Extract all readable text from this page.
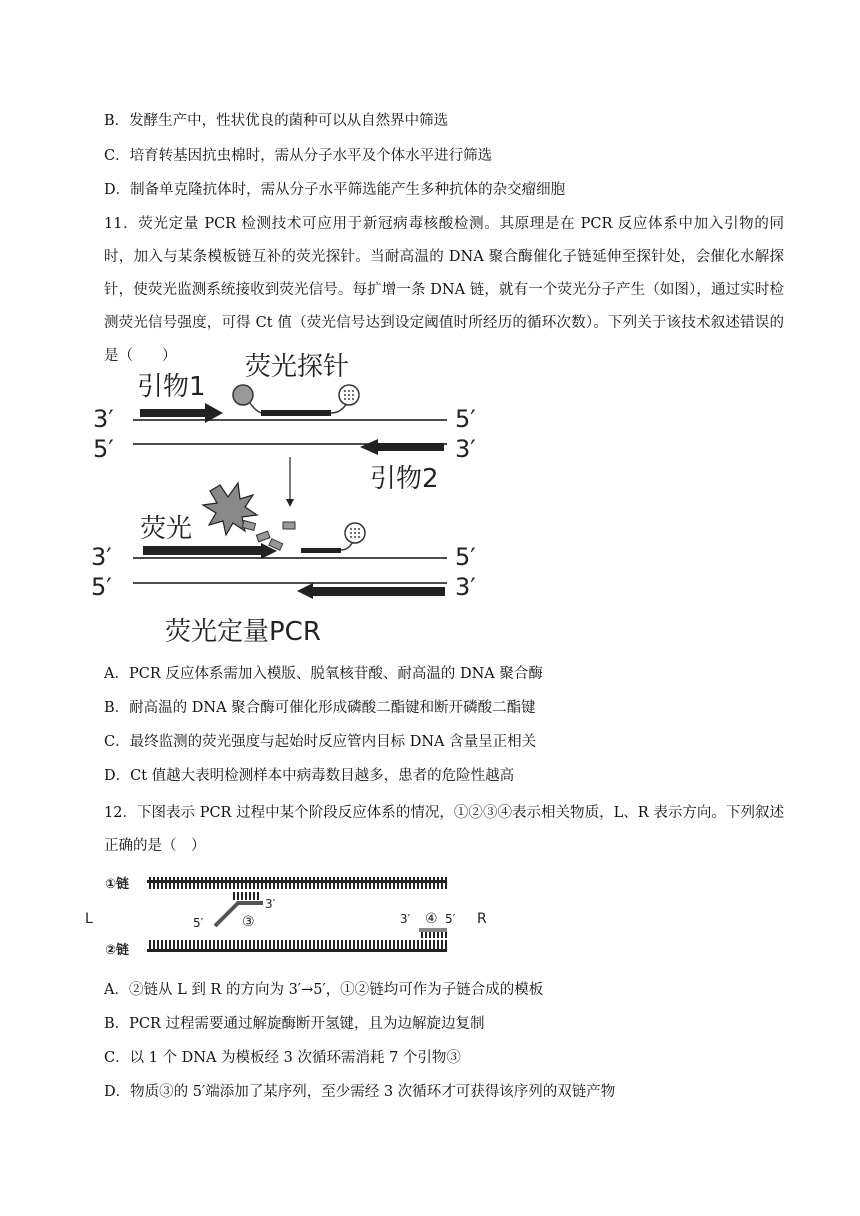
B．发酵生产中，性状优良的菌种可以从自然界中筛选
C．培育转基因抗虫棉时，需从分子水平及个体水平进行筛选
D．制备单克隆抗体时，需从分子水平筛选能产生多种抗体的杂交瘤细胞
11．荧光定量 PCR 检测技术可应用于新冠病毒核酸检测。其原理是在 PCR 反应体系中加入引物的同时，加入与某条模板链互补的荧光探针。当耐高温的 DNA 聚合酶催化子链延伸至探针处，会催化水解探针，使荧光监测系统接收到荧光信号。每扩增一条 DNA 链，就有一个荧光分子产生（如图），通过实时检测荧光信号强度，可得 Ct 值（荧光信号达到设定阈值时所经历的循环次数）。下列关于该技术叙述错误的是（　　）	荧光探针
引物1
3′
5′
5′
3′
引物2
荧光
3′
5′
5′
3′
荧光定量PCR
A．PCR 反应体系需加入模版、脱氧核苷酸、耐高温的 DNA 聚合酶
B．耐高温的 DNA 聚合酶可催化形成磷酸二酯键和断开磷酸二酯键
C．最终监测的荧光强度与起始时反应管内目标 DNA 含量呈正相关
D．Ct 值越大表明检测样本中病毒数目越多，患者的危险性越高
12．下图表示 PCR 过程中某个阶段反应体系的情况，①②③④表示相关物质，L、R 表示方向。下列叙述正确的是（　）
①链
L	R
5′
3′
③	3′ ④ 5′
②链
A．②链从 L 到 R 的方向为 3′→5′，①②链均可作为子链合成的模板
B．PCR 过程需要通过解旋酶断开氢键，且为边解旋边复制
C．以 1 个 DNA 为模板经 3 次循环需消耗 7 个引物③
D．物质③的 5′端添加了某序列，至少需经 3 次循环才可获得该序列的双链产物
